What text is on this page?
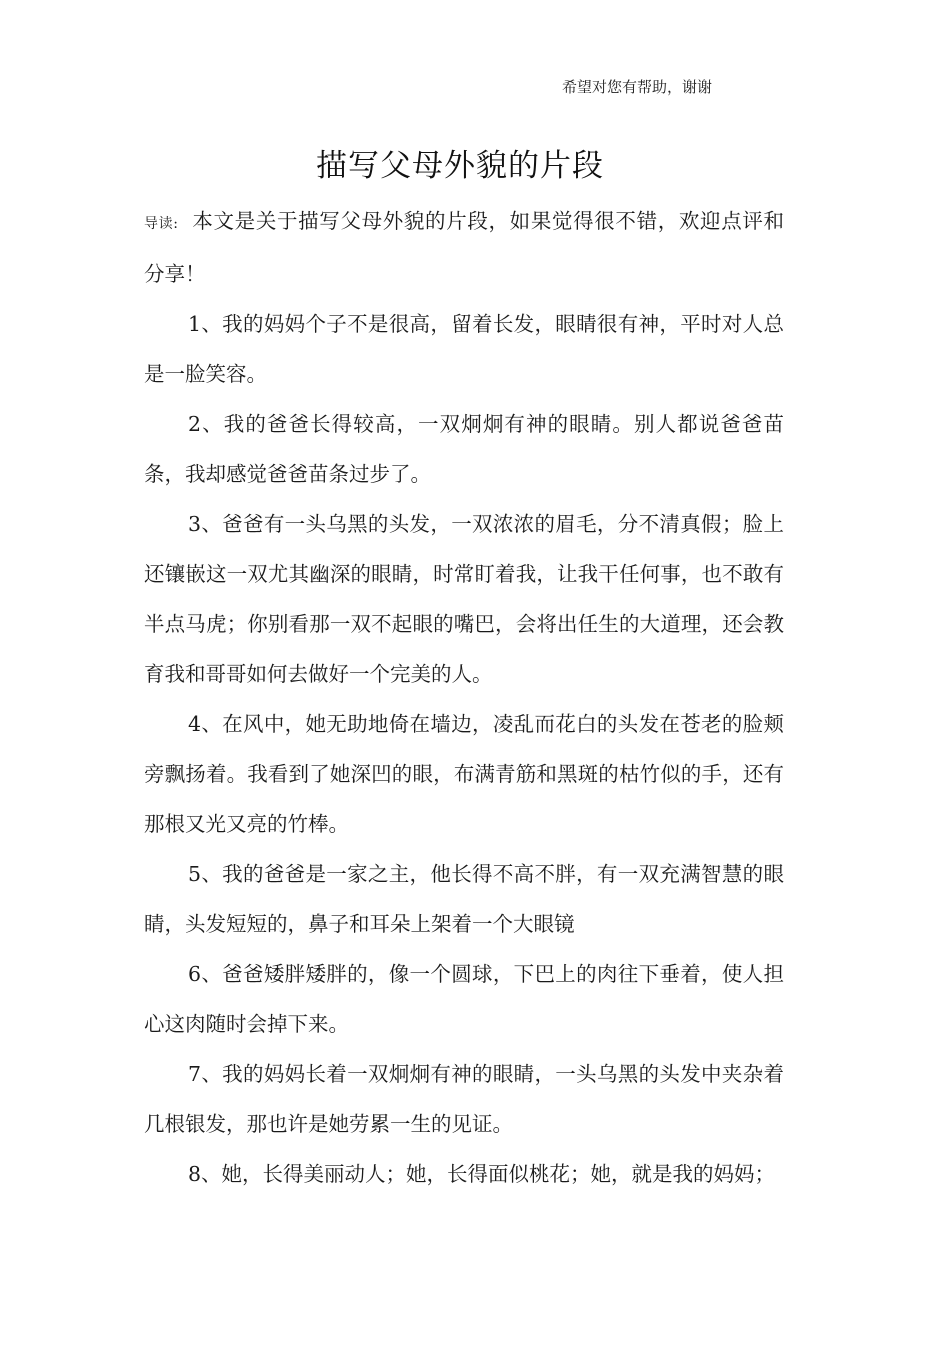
希望对您有帮助，谢谢
描写父母外貌的片段

导读: 本文是关于描写父母外貌的片段，如果觉得很不错，欢迎点评和分享！

1、我的妈妈个子不是很高，留着长发，眼睛很有神，平时对人总是一脸笑容。

2、我的爸爸长得较高，一双炯炯有神的眼睛。别人都说爸爸苗条，我却感觉爸爸苗条过步了。

3、爸爸有一头乌黑的头发，一双浓浓的眉毛，分不清真假；脸上还镶嵌这一双尤其幽深的眼睛，时常盯着我，让我干任何事，也不敢有半点马虎；你别看那一双不起眼的嘴巴，会将出任生的大道理，还会教育我和哥哥如何去做好一个完美的人。

4、在风中，她无助地倚在墙边，凌乱而花白的头发在苍老的脸颊旁飘扬着。我看到了她深凹的眼，布满青筋和黑斑的枯竹似的手，还有那根又光又亮的竹棒。

5、我的爸爸是一家之主，他长得不高不胖，有一双充满智慧的眼睛，头发短短的，鼻子和耳朵上架着一个大眼镜

6、爸爸矮胖矮胖的，像一个圆球，下巴上的肉往下垂着，使人担心这肉随时会掉下来。

7、我的妈妈长着一双炯炯有神的眼睛，一头乌黑的头发中夹杂着几根银发，那也许是她劳累一生的见证。

8、她，长得美丽动人；她，长得面似桃花；她，就是我的妈妈；
